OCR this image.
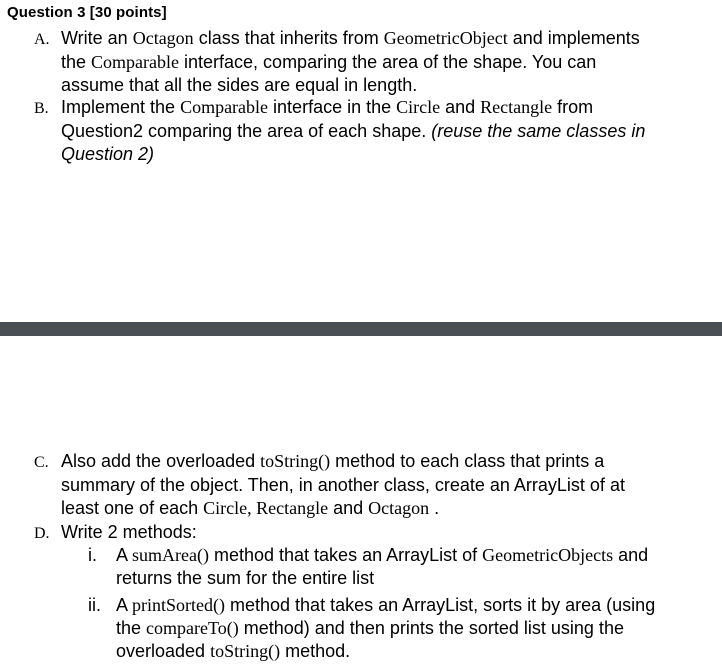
Question 3 [30 points]
A. Write an Octagon class that inherits from GeometricObject and implements
the Comparable interface, comparing the area of the shape. You can
assume that all the sides are equal in length.
B. Implement the Comparable interface in the Circle and Rectangle from
Question2 comparing the area of each shape. (reuse the same classes in
Question 2)
C. Also add the overloaded toString() method to each class that prints a
summary of the object. Then, in another class, create an ArrayList of at
least one of each Circle, Rectangle and Octagon .
D. Write 2 methods:
i. A sumArea() method that takes an ArrayList of GeometricObjects and
returns the sum for the entire list
ii. A printSorted() method that takes an ArrayList, sorts it by area (using
the compareTo() method) and then prints the sorted list using the
overloaded toString() method.
